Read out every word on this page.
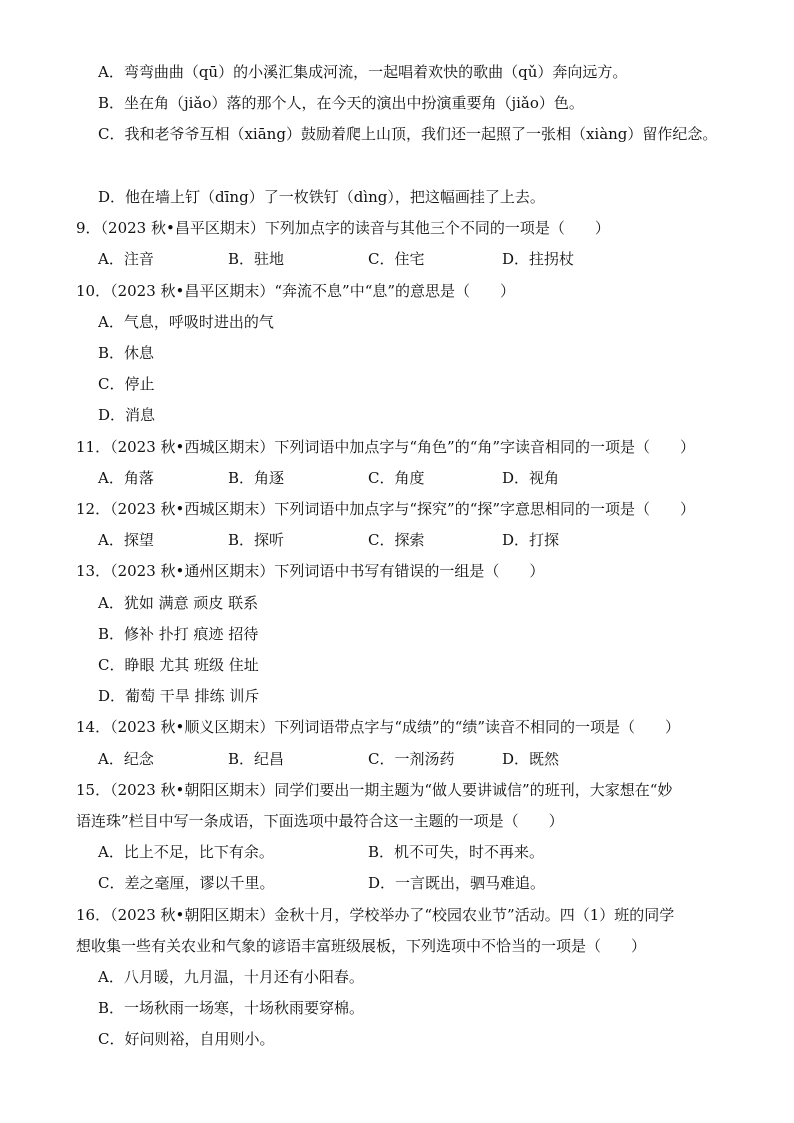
A．弯弯曲曲（qū）的小溪汇集成河流，一起唱着欢快的歌曲（qǔ）奔向远方。
B．坐在角（jiǎo）落的那个人，在今天的演出中扮演重要角（jiǎo）色。
C．我和老爷爷互相（xiāng）鼓励着爬上山顶，我们还一起照了一张相（xiàng）留作纪念。
D．他在墙上钉（dīng）了一枚铁钉（dìng），把这幅画挂了上去。
9．（2023 秋•昌平区期末）下列加点字的读音与其他三个不同的一项是（　　）
A．注音	B．驻地	C．住宅	D．拄拐杖
10．（2023 秋•昌平区期末）“奔流不息”中“息”的意思是（　　）
A．气息，呼吸时进出的气
B．休息
C．停止
D．消息
11．（2023 秋•西城区期末）下列词语中加点字与“角色”的“角”字读音相同的一项是（　　）
A．角落	B．角逐	C．角度	D．视角
12．（2023 秋•西城区期末）下列词语中加点字与“探究”的“探”字意思相同的一项是（　　）
A．探望	B．探听	C．探索	D．打探
13．（2023 秋•通州区期末）下列词语中书写有错误的一组是（　　）
A．犹如 满意 顽皮 联系
B．修补 扑打 痕迹 招待
C．睁眼 尤其 班级 住址
D．葡萄 干旱 排练 训斥
14．（2023 秋•顺义区期末）下列词语带点字与“成绩”的“绩”读音不相同的一项是（　　）
A．纪念	B．纪昌	C．一剂汤药	D．既然
15．（2023 秋•朝阳区期末）同学们要出一期主题为“做人要讲诚信”的班刊，大家想在“妙
语连珠”栏目中写一条成语，下面选项中最符合这一主题的一项是（　　）
A．比上不足，比下有余。	B．机不可失，时不再来。
C．差之毫厘，谬以千里。	D．一言既出，驷马难追。
16．（2023 秋•朝阳区期末）金秋十月，学校举办了“校园农业节”活动。四（1）班的同学
想收集一些有关农业和气象的谚语丰富班级展板，下列选项中不恰当的一项是（　　）
A．八月暖，九月温，十月还有小阳春。
B．一场秋雨一场寒，十场秋雨要穿棉。
C．好问则裕，自用则小。
